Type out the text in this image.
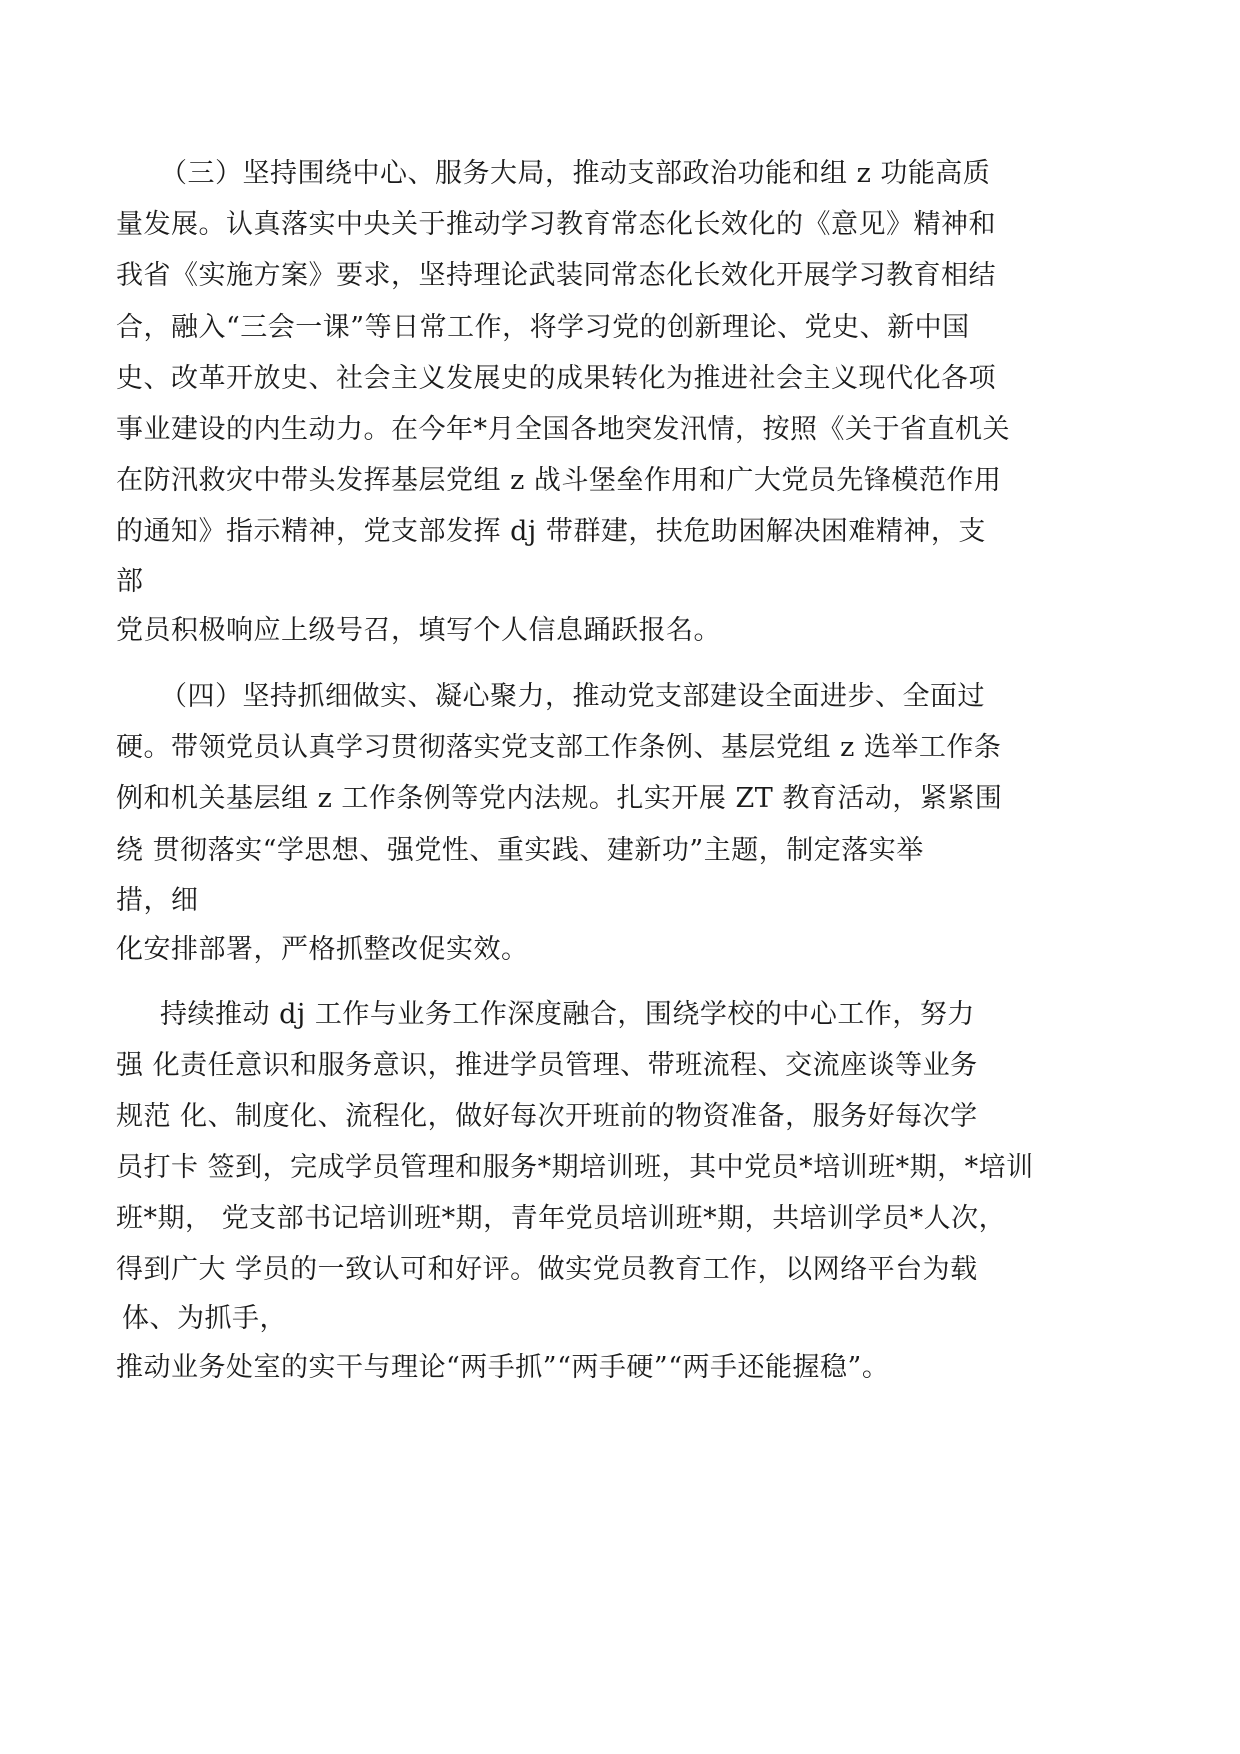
（三）坚持围绕中心、服务大局，推动支部政治功能和组 z 功能高质
量发展。认真落实中央关于推动学习教育常态化长效化的《意见》精神和
我省《实施方案》要求，坚持理论武装同常态化长效化开展学习教育相结
合，融入“三会一课”等日常工作，将学习党的创新理论、党史、新中国
史、改革开放史、社会主义发展史的成果转化为推进社会主义现代化各项
事业建设的内生动力。在今年*月全国各地突发汛情，按照《关于省直机关
在防汛救灾中带头发挥基层党组 z 战斗堡垒作用和广大党员先锋模范作用
的通知》指示精神，党支部发挥 dj 带群建，扶危助困解决困难精神，支
部
党员积极响应上级号召，填写个人信息踊跃报名。
（四）坚持抓细做实、凝心聚力，推动党支部建设全面进步、全面过
硬。带领党员认真学习贯彻落实党支部工作条例、基层党组 z 选举工作条
例和机关基层组 z 工作条例等党内法规。扎实开展 ZT 教育活动，紧紧围
绕 贯彻落实“学思想、强党性、重实践、建新功”主题，制定落实举
措，细
化安排部署，严格抓整改促实效。
持续推动 dj 工作与业务工作深度融合，围绕学校的中心工作，努力
强 化责任意识和服务意识，推进学员管理、带班流程、交流座谈等业务
规范 化、制度化、流程化，做好每次开班前的物资准备，服务好每次学
员打卡 签到，完成学员管理和服务*期培训班，其中党员*培训班*期，*培训
班*期， 党支部书记培训班*期，青年党员培训班*期，共培训学员*人次，
得到广大 学员的一致认可和好评。做实党员教育工作，以网络平台为载
体、为抓手，
推动业务处室的实干与理论“两手抓”“两手硬”“两手还能握稳”。
